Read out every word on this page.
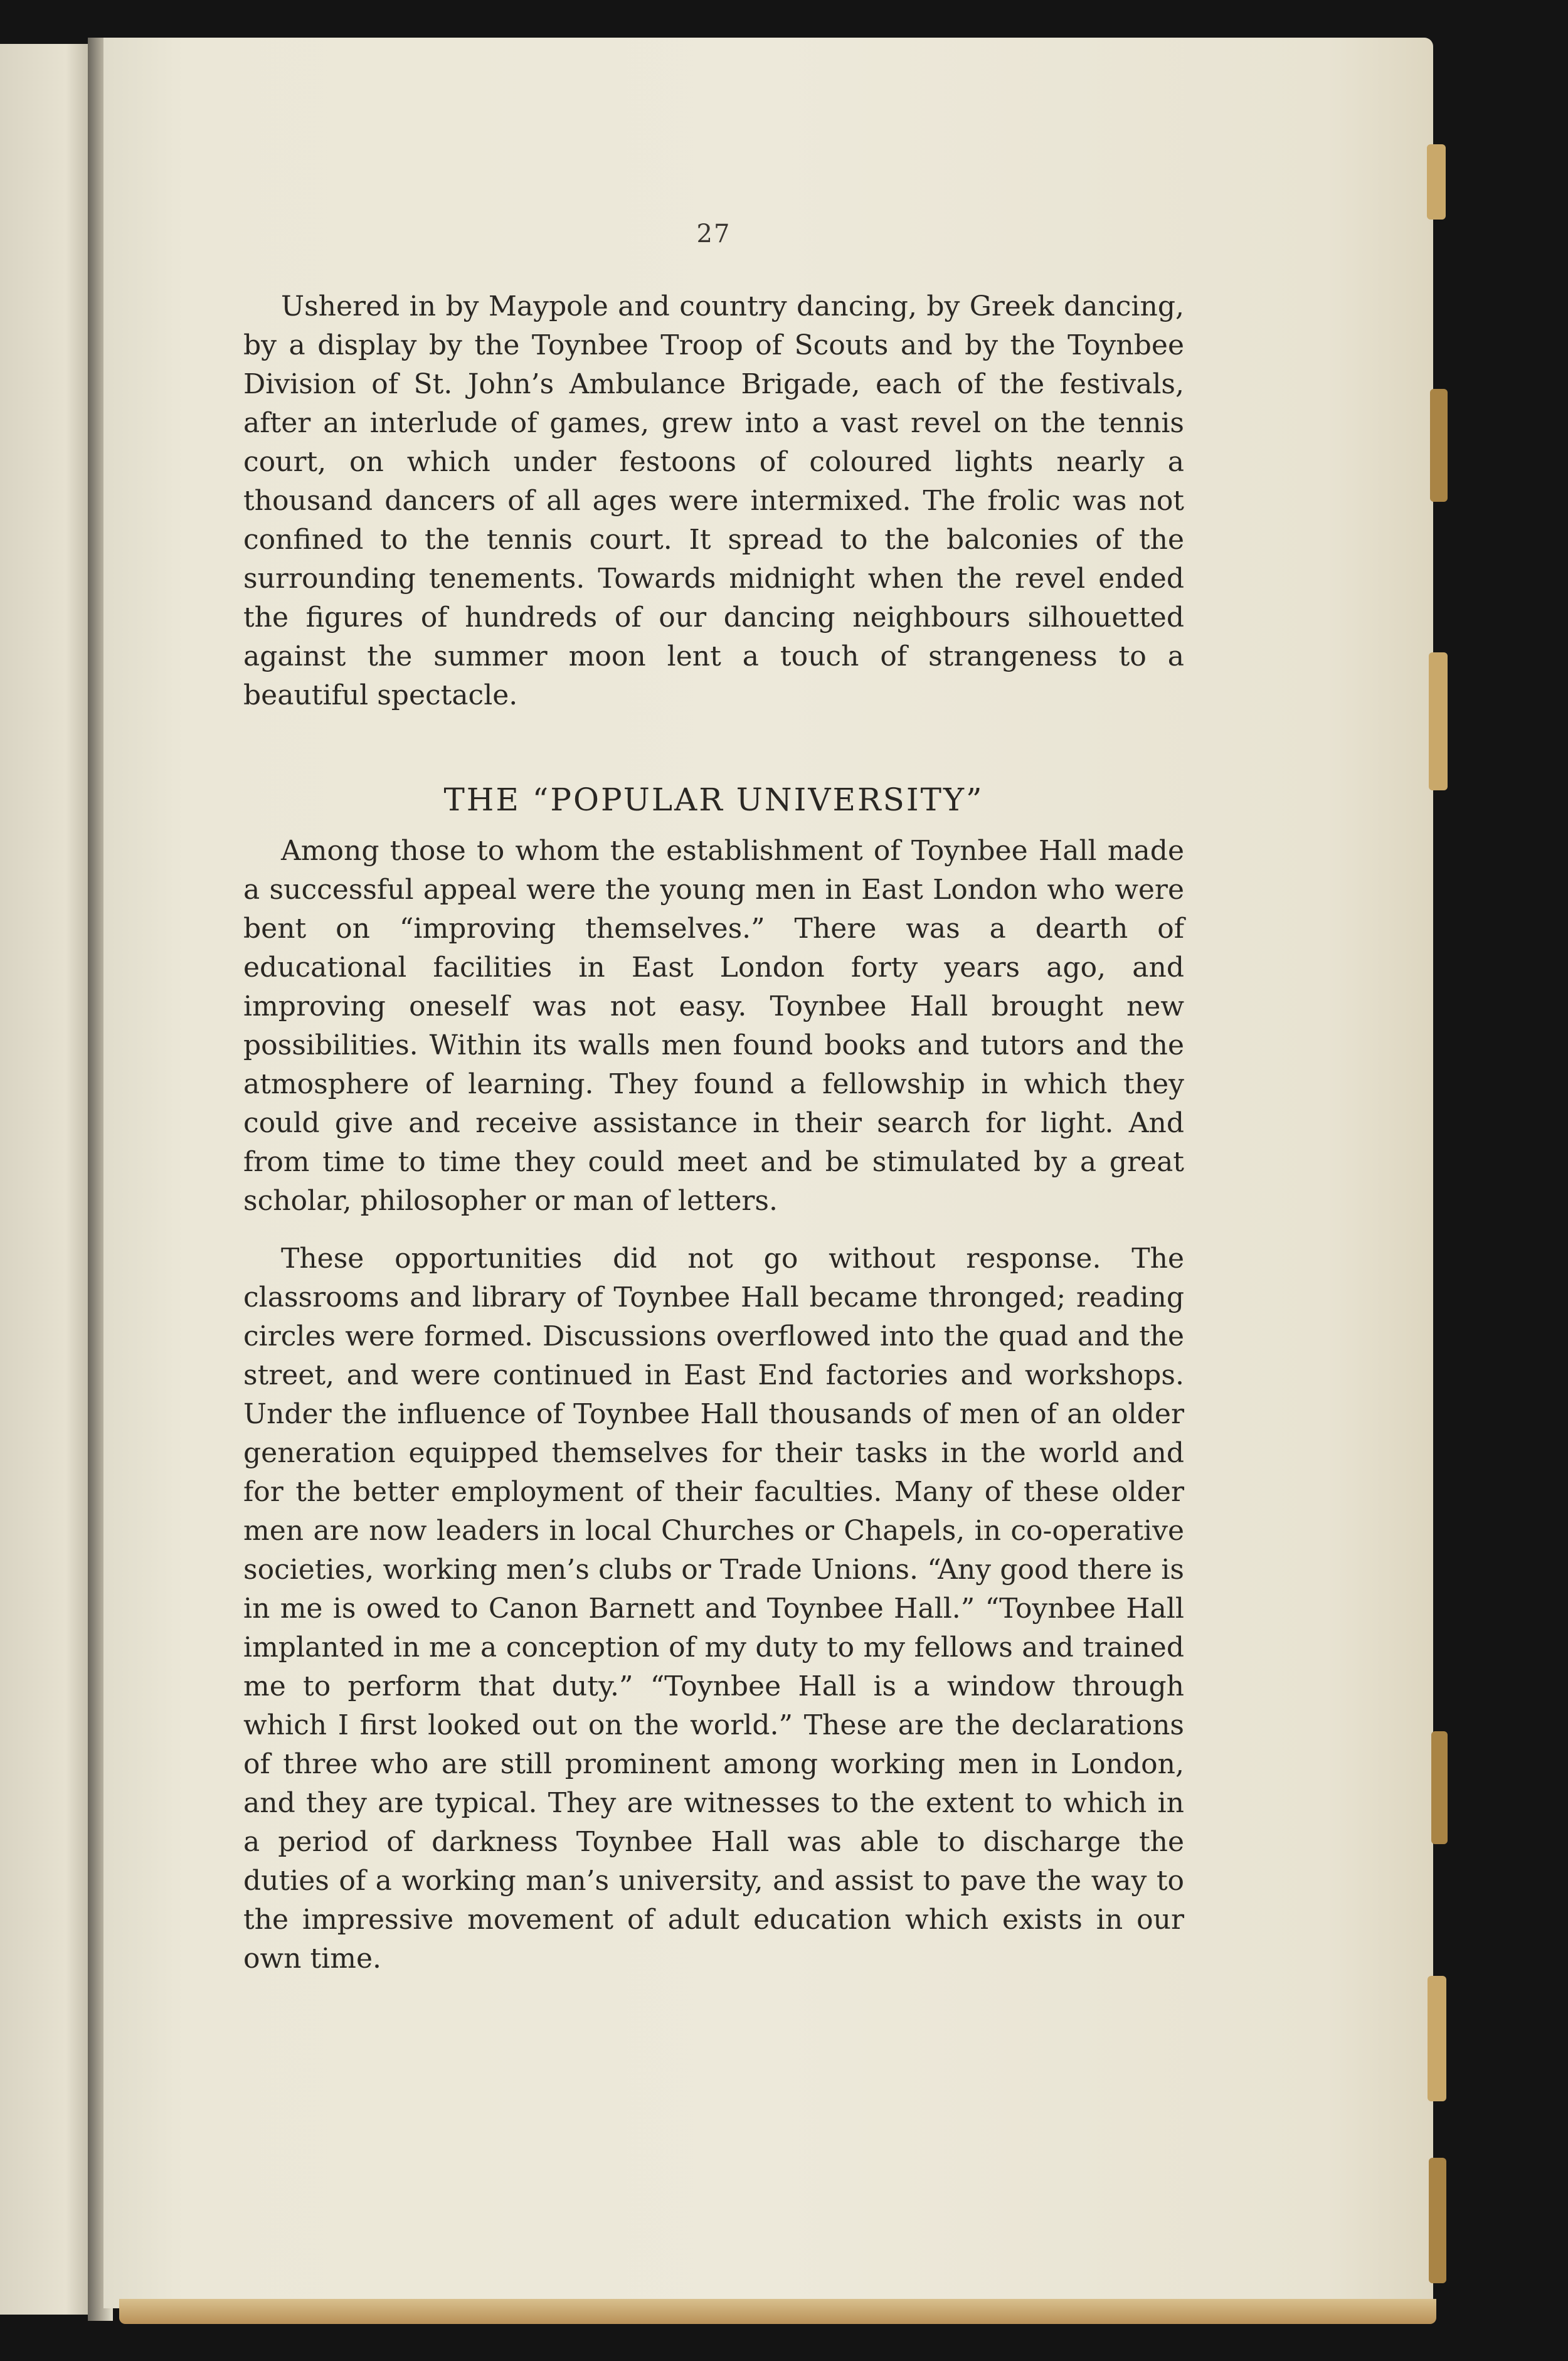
27

Ushered in by Maypole and country dancing, by Greek dancing, by a display by the Toynbee Troop of Scouts and by the Toynbee Division of St. John’s Ambulance Brigade, each of the festivals, after an interlude of games, grew into a vast revel on the tennis court, on which under festoons of coloured lights nearly a thousand dancers of all ages were intermixed. The frolic was not confined to the tennis court. It spread to the balconies of the surrounding tenements. Towards midnight when the revel ended the figures of hundreds of our dancing neighbours silhouetted against the summer moon lent a touch of strangeness to a beautiful spectacle.

THE “POPULAR UNIVERSITY”

Among those to whom the establishment of Toynbee Hall made a successful appeal were the young men in East London who were bent on “improving themselves.” There was a dearth of educational facilities in East London forty years ago, and improving oneself was not easy. Toynbee Hall brought new possibilities. Within its walls men found books and tutors and the atmosphere of learning. They found a fellowship in which they could give and receive assistance in their search for light. And from time to time they could meet and be stimulated by a great scholar, philosopher or man of letters.

These opportunities did not go without response. The classrooms and library of Toynbee Hall became thronged; reading circles were formed. Discussions overflowed into the quad and the street, and were continued in East End factories and workshops. Under the influence of Toynbee Hall thousands of men of an older generation equipped themselves for their tasks in the world and for the better employment of their faculties. Many of these older men are now leaders in local Churches or Chapels, in co-operative societies, working men’s clubs or Trade Unions. “Any good there is in me is owed to Canon Barnett and Toynbee Hall.” “Toynbee Hall implanted in me a conception of my duty to my fellows and trained me to perform that duty.” “Toynbee Hall is a window through which I first looked out on the world.” These are the declarations of three who are still prominent among working men in London, and they are typical. They are witnesses to the extent to which in a period of darkness Toynbee Hall was able to discharge the duties of a working man’s university, and assist to pave the way to the impressive movement of adult education which exists in our own time.
